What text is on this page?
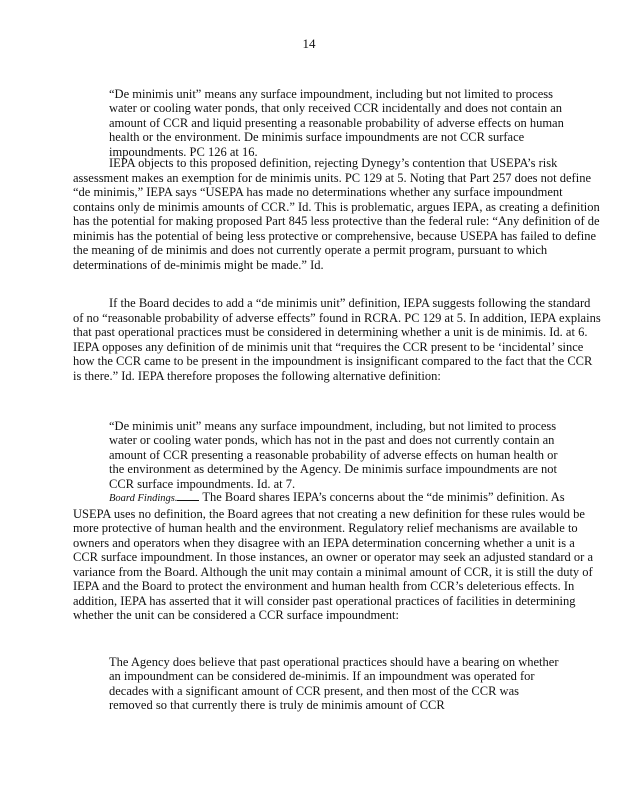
14

“De minimis unit” means any surface impoundment, including but not limited to process water or cooling water ponds, that only received CCR incidentally and does not contain an amount of CCR and liquid presenting a reasonable probability of adverse effects on human health or the environment. De minimis surface impoundments are not CCR surface impoundments. PC 126 at 16.

IEPA objects to this proposed definition, rejecting Dynegy’s contention that USEPA’s risk assessment makes an exemption for de minimis units. PC 129 at 5. Noting that Part 257 does not define “de minimis,” IEPA says “USEPA has made no determinations whether any surface impoundment contains only de minimis amounts of CCR.” Id. This is problematic, argues IEPA, as creating a definition has the potential for making proposed Part 845 less protective than the federal rule: “Any definition of de minimis has the potential of being less protective or comprehensive, because USEPA has failed to define the meaning of de minimis and does not currently operate a permit program, pursuant to which determinations of de-minimis might be made.” Id.

If the Board decides to add a “de minimis unit” definition, IEPA suggests following the standard of no “reasonable probability of adverse effects” found in RCRA. PC 129 at 5. In addition, IEPA explains that past operational practices must be considered in determining whether a unit is de minimis. Id. at 6. IEPA opposes any definition of de minimis unit that “requires the CCR present to be ‘incidental’ since how the CCR came to be present in the impoundment is insignificant compared to the fact that the CCR is there.” Id. IEPA therefore proposes the following alternative definition:

“De minimis unit” means any surface impoundment, including, but not limited to process water or cooling water ponds, which has not in the past and does not currently contain an amount of CCR presenting a reasonable probability of adverse effects on human health or the environment as determined by the Agency. De minimis surface impoundments are not CCR surface impoundments. Id. at 7.

Board Findings. The Board shares IEPA’s concerns about the “de minimis” definition. As USEPA uses no definition, the Board agrees that not creating a new definition for these rules would be more protective of human health and the environment. Regulatory relief mechanisms are available to owners and operators when they disagree with an IEPA determination concerning whether a unit is a CCR surface impoundment. In those instances, an owner or operator may seek an adjusted standard or a variance from the Board. Although the unit may contain a minimal amount of CCR, it is still the duty of IEPA and the Board to protect the environment and human health from CCR’s deleterious effects. In addition, IEPA has asserted that it will consider past operational practices of facilities in determining whether the unit can be considered a CCR surface impoundment:

The Agency does believe that past operational practices should have a bearing on whether an impoundment can be considered de-minimis. If an impoundment was operated for decades with a significant amount of CCR present, and then most of the CCR was removed so that currently there is truly de minimis amount of CCR
